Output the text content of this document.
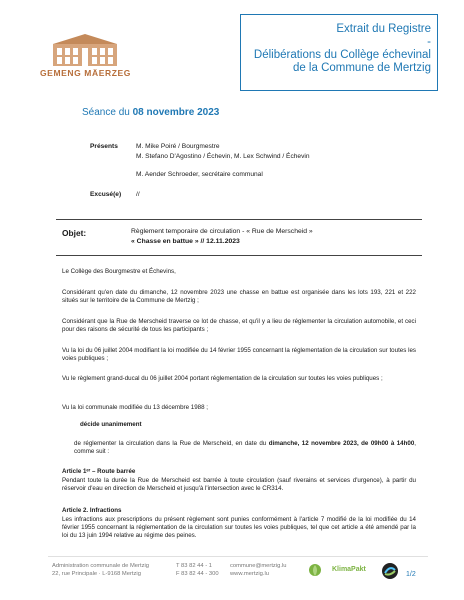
GEMENG MÄERZEG
Extrait du Registre
-
Délibérations du Collège échevinal
de la Commune de Mertzig
Séance du 08 novembre 2023
Présents	M. Mike Poiré / Bourgmestre
M. Stefano D'Agostino / Échevin, M. Lex Schwind / Échevin
M. Aender Schroeder, secrétaire communal
Excusé(e) //
Objet:	Règlement temporaire de circulation - « Rue de Merscheid »
« Chasse en battue » // 12.11.2023
Le Collège des Bourgmestre et Échevins,
Considérant qu'en date du dimanche, 12 novembre 2023 une chasse en battue est organisée dans les lots 193, 221 et 222 situés sur le territoire de la Commune de Mertzig ;
Considérant que la Rue de Merscheid traverse ce lot de chasse, et qu'il y a lieu de réglementer la circulation automobile, et ceci pour des raisons de sécurité de tous les participants ;
Vu la loi du 06 juillet 2004 modifiant la loi modifiée du 14 février 1955 concernant la réglementation de la circulation sur toutes les voies publiques ;
Vu le règlement grand-ducal du 06 juillet 2004 portant réglementation de la circulation sur toutes les voies publiques ;
Vu la loi communale modifiée du 13 décembre 1988 ;
décide unanimement
de réglementer la circulation dans la Rue de Merscheid, en date du dimanche, 12 novembre 2023, de 09h00 à 14h00, comme suit :
Article 1ᵉʳ – Route barrée
Pendant toute la durée la Rue de Merscheid est barrée à toute circulation (sauf riverains et services d'urgence), à partir du réservoir d'eau en direction de Merscheid et jusqu'à l'intersection avec le CR314.
Article 2. Infractions
Les infractions aux prescriptions du présent règlement sont punies conformément à l'article 7 modifié de la loi modifiée du 14 février 1955 concernant la réglementation de la circulation sur toutes les voies publiques, tel que cet article a été amendé par la loi du 13 juin 1994 relative au régime des peines.
Administration communale de Mertzig
22, rue Principale · L-9168 Mertzig
T 83 82 44 - 1
F 83 82 44 - 300
commune@mertzig.lu
www.mertzig.lu
KlimaPakt
1/2
